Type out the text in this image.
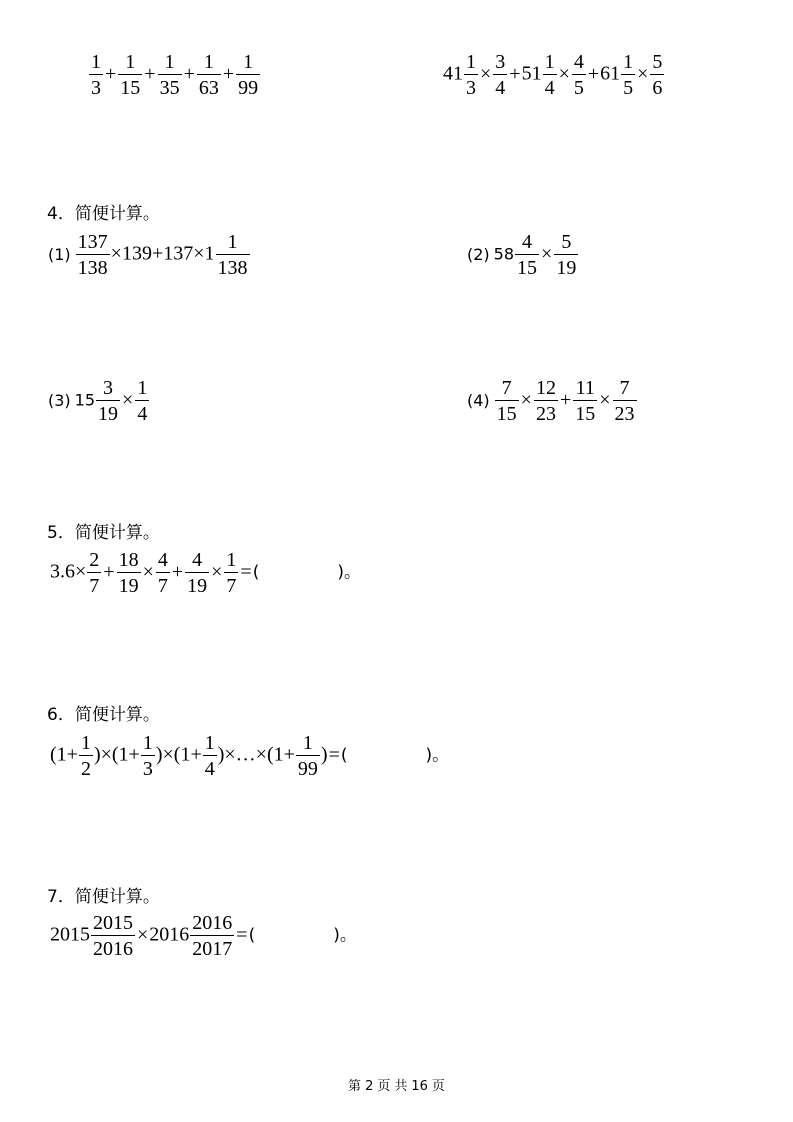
$\frac{1}{3} + \frac{1}{15} + \frac{1}{35} + \frac{1}{63} + \frac{1}{99}$	$41 \frac{1}{3} \times \frac{3}{4} +51 \frac{1}{4} \times \frac{4}{5} +61 \frac{1}{5} \times \frac{5}{6}$
4．简便计算。
$(1) \frac{137}{138} \times 139+137\times 1 \frac{1}{138}$	(2) $58 \frac{4}{15} \times \frac{5}{19}$
(3) $15 \frac{3}{19} \times \frac{1}{4}$	$(4) \frac{7}{15} \times \frac{12}{23} + \frac{11}{15} \times \frac{7}{23}$
5．简便计算。
$3.6\times \frac{2}{7} + \frac{18}{19} \times \frac{4}{7} + \frac{4}{19} \times \frac{1}{7}$ =(	)。
6．简便计算。
$(1+ \frac{1}{2} )\times(1+ \frac{1}{3} )\times(1+ \frac{1}{4}$ )×…×(1+ $\frac{1}{99}$ )=(	)。
7．简便计算。
$2015 \frac{2015}{2016} \times 2016 \frac{2016}{2017}$ =(	)。
第 2 页 共 16 页
